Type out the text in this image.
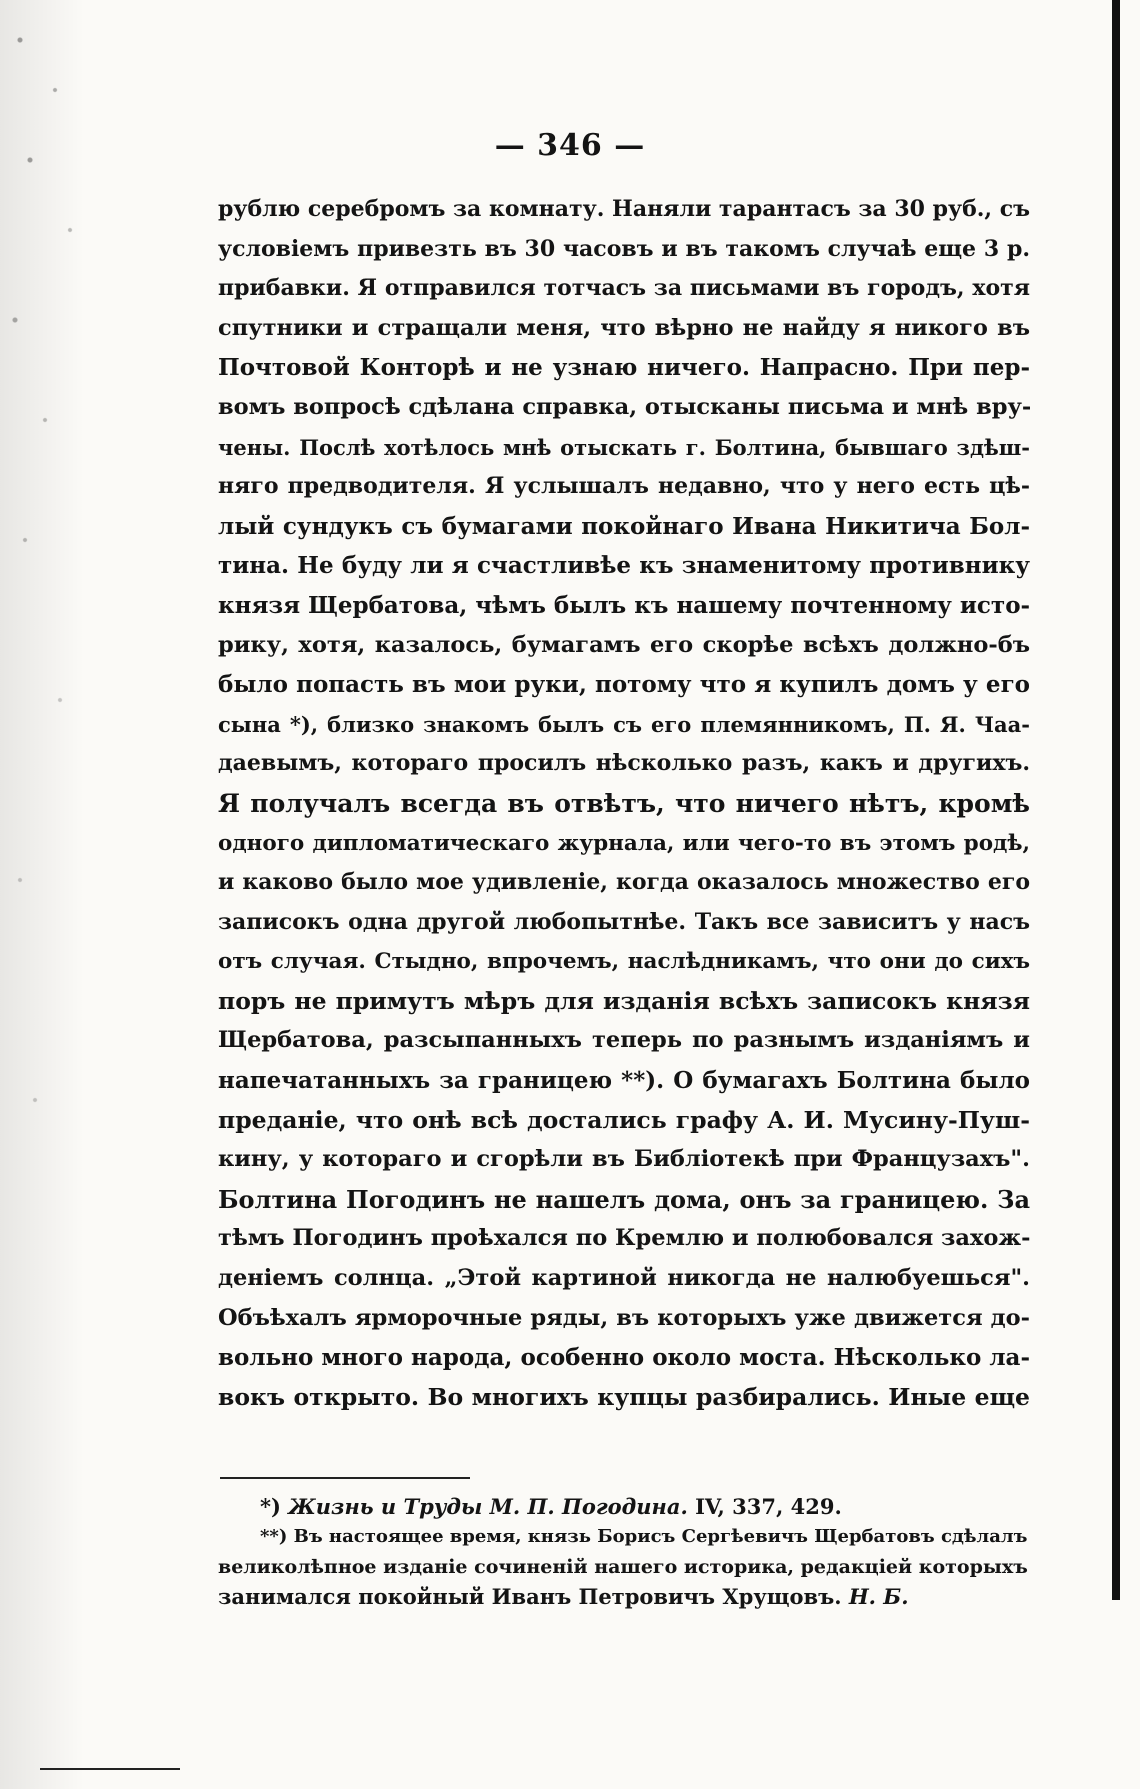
— 346 —
рублю серебромъ за комнату. Наняли тарантасъ за 30 руб., съ
условіемъ привезть въ 30 часовъ и въ такомъ случаѣ еще 3 р.
прибавки. Я отправился тотчасъ за письмами въ городъ, хотя
спутники и стращали меня, что вѣрно не найду я никого въ
Почтовой Конторѣ и не узнаю ничего. Напрасно. При пер-
вомъ вопросѣ сдѣлана справка, отысканы письма и мнѣ вру-
чены. Послѣ хотѣлось мнѣ отыскать г. Болтина, бывшаго здѣш-
няго предводителя. Я услышалъ недавно, что у него есть цѣ-
лый сундукъ съ бумагами покойнаго Ивана Никитича Бол-
тина. Не буду ли я счастливѣе къ знаменитому противнику
князя Щербатова, чѣмъ былъ къ нашему почтенному исто-
рику, хотя, казалось, бумагамъ его скорѣе всѣхъ должно-бъ
было попасть въ мои руки, потому что я купилъ домъ у его
сына *), близко знакомъ былъ съ его племянникомъ, П. Я. Чаа-
даевымъ, котораго просилъ нѣсколько разъ, какъ и другихъ.
Я получалъ всегда въ отвѣтъ, что ничего нѣтъ, кромѣ
одного дипломатическаго журнала, или чего-то въ этомъ родѣ,
и каково было мое удивленіе, когда оказалось множество его
записокъ одна другой любопытнѣе. Такъ все зависитъ у насъ
отъ случая. Стыдно, впрочемъ, наслѣдникамъ, что они до сихъ
поръ не примутъ мѣръ для изданія всѣхъ записокъ князя
Щербатова, разсыпанныхъ теперь по разнымъ изданіямъ и
напечатанныхъ за границею **). О бумагахъ Болтина было
преданіе, что онѣ всѣ достались графу А. И. Мусину-Пуш-
кину, у котораго и сгорѣли въ Библіотекѣ при Французахъ".
Болтина Погодинъ не нашелъ дома, онъ за границею. За
тѣмъ Погодинъ проѣхался по Кремлю и полюбовался захож-
деніемъ солнца. „Этой картиной никогда не налюбуешься".
Объѣхалъ ярморочные ряды, въ которыхъ уже движется до-
вольно много народа, особенно около моста. Нѣсколько ла-
вокъ открыто. Во многихъ купцы разбирались. Иные еще
*) Жизнь и Труды М. П. Погодина. IV, 337, 429.
**) Въ настоящее время, князь Борисъ Сергѣевичъ Щербатовъ сдѣлалъ
великолѣпное изданіе сочиненій нашего историка, редакціей которыхъ
занимался покойный Иванъ Петровичъ Хрущовъ. Н. Б.
